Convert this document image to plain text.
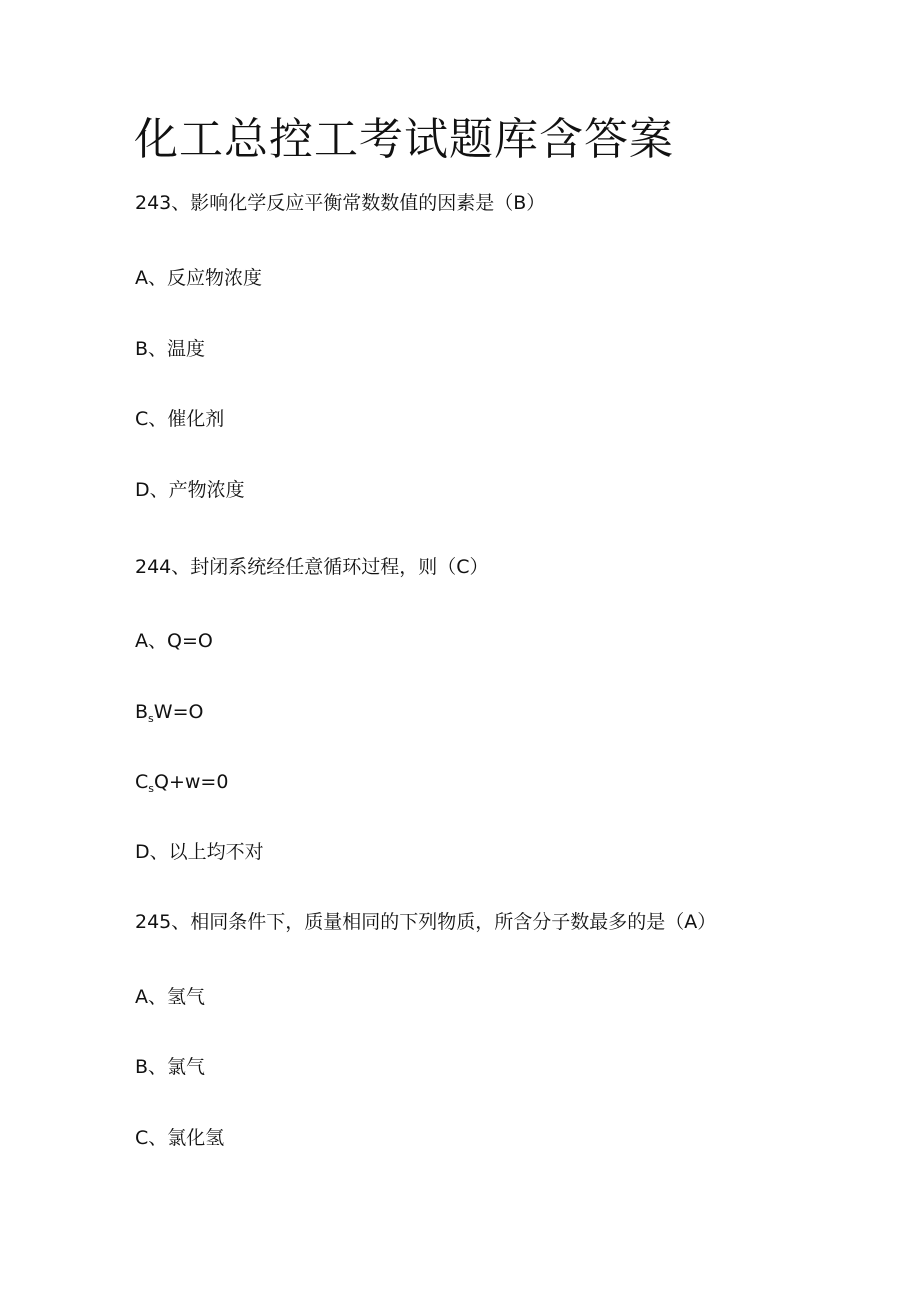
化工总控工考试题库含答案
243、影响化学反应平衡常数数值的因素是（B）
A、反应物浓度
B、温度
C、催化剂
D、产物浓度
244、封闭系统经任意循环过程，则（C）
A、Q=O
$B_sW=O$
$C_sQ+w=0$
D、以上均不对
245、相同条件下，质量相同的下列物质，所含分子数最多的是（A）
A、氢气
B、氯气
C、氯化氢
